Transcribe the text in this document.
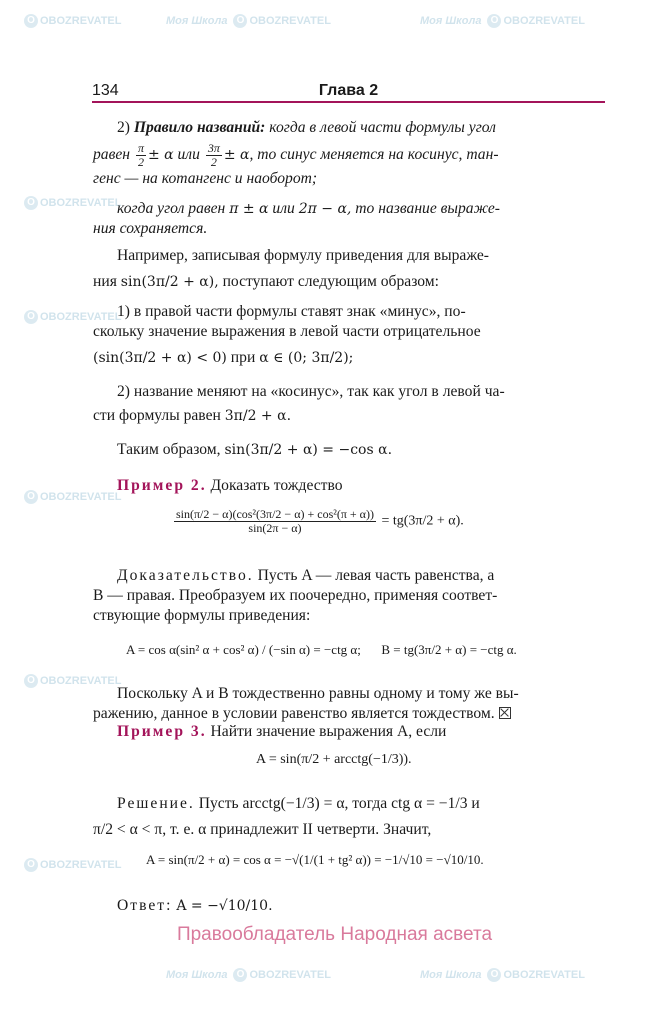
O OBOZREVATEL	Моя Школа O OBOZREVATEL	Моя Школа O OBOZREVATEL
O OBOZREVATEL
O OBOZREVATEL
O OBOZREVATEL
O OBOZREVATEL
O OBOZREVATEL
Моя Школа O OBOZREVATEL	Моя Школа O OBOZREVATEL
134	Глава 2
2) Правило названий: когда в левой части формулы угол
равен $\frac{\pi}{2} \pm \alpha$ или $\frac{3\pi}{2} \pm \alpha$, то синус меняется на косинус, тан-
генс — на котангенс и наоборот;
когда угол равен π ± α или 2π − α, то название выраже-
ния сохраняется.
Например, записывая формулу приведения для выраже-
ния sin(3π/2 + α), поступают следующим образом:
1) в правой части формулы ставят знак «минус», по-
скольку значение выражения в левой части отрицательное
(sin(3π/2 + α) < 0) при α ∈ (0; 3π/2);
2) название меняют на «косинус», так как угол в левой ча-
сти формулы равен 3π/2 + α.
Таким образом, sin(3π/2 + α) = −cos α.
Пример 2. Доказать тождество
$\frac{\text{sin(π/2 − α)(cos²(3π/2 − α) + cos²(π + α))}}{\sin(2\pi - \alpha)} = tg(3\pi/2 + \alpha)$.
Доказательство. Пусть A — левая часть равенства, а
B — правая. Преобразуем их поочередно, применяя соответ-
ствующие формулы приведения:
A = cos α(sin² α + cos² α) / (−sin α) = −ctg α; B = tg(3π/2 + α) = −ctg α.
Поскольку A и B тождественно равны одному и тому же вы-
ражению, данное в условии равенство является тождеством.
Пример 3. Найти значение выражения A, если
A = sin(π/2 + arcctg(−1/3)).
Решение. Пусть arcctg(−1/3) = α, тогда ctg α = −1/3 и
π/2 < α < π, т. е. α принадлежит II четверти. Значит,
A = sin(π/2 + α) = cos α = −√(1/(1 + tg² α)) = −1/√10 = −√10/10.
Ответ: A = −√10/10.
Правообладатель Народная асвета
